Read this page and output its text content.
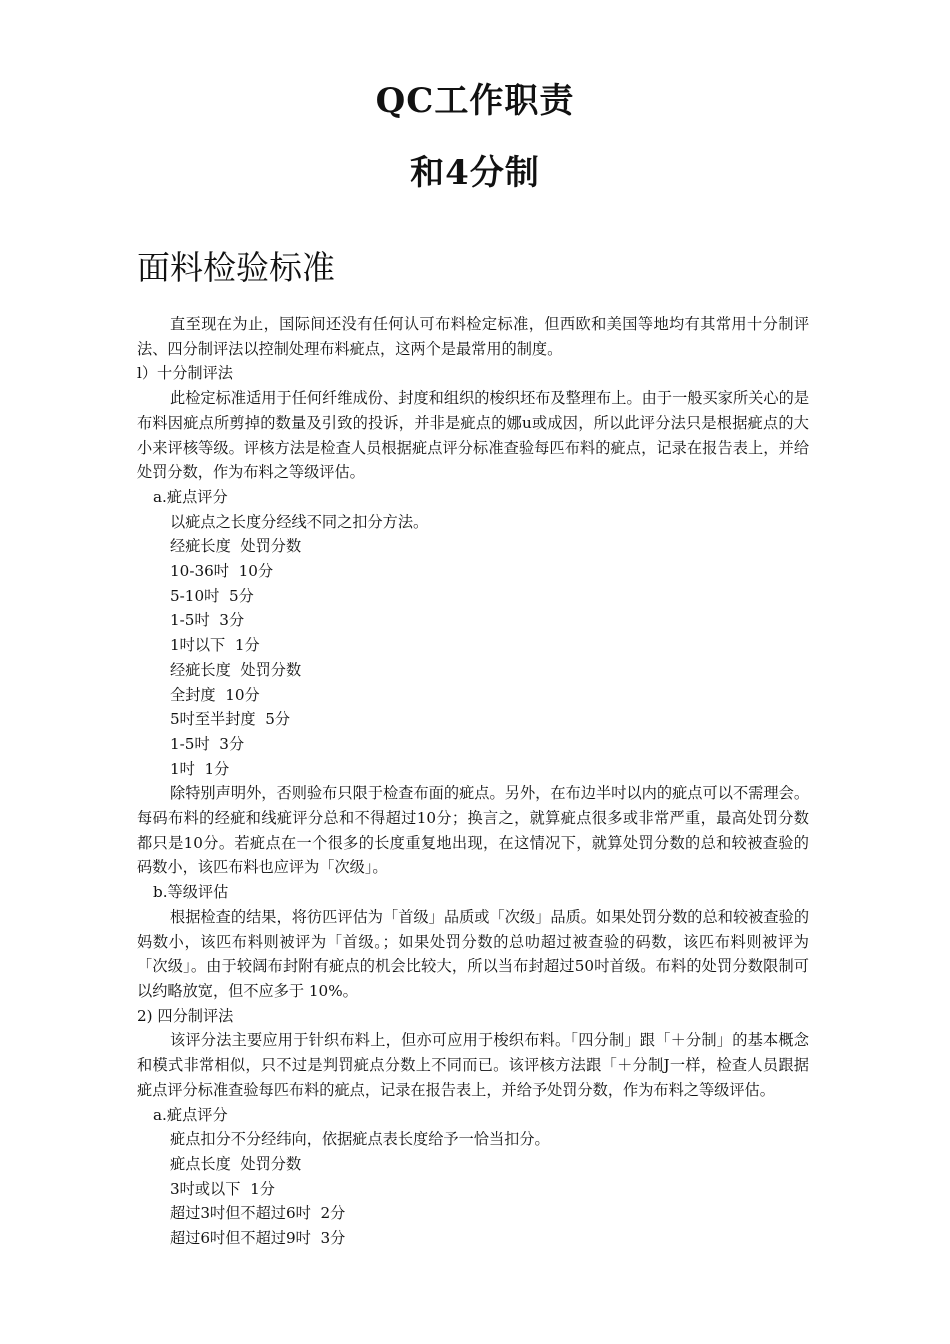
QC工作职责
和4分制
面料检验标准

直至现在为止，国际间还没有任何认可布料检定标准，但西欧和美国等地均有其常用十分制评法、四分制评法以控制处理布料疵点，这两个是最常用的制度。

l）十分制评法

此检定标准适用于任何纤维成份、封度和组织的梭织坯布及整理布上。由于一般买家所关心的是布料因疵点所剪掉的数量及引致的投诉，并非是疵点的娜u或成因，所以此评分法只是根据疵点的大小来评核等级。评核方法是检查人员根据疵点评分标准查验每匹布料的疵点，记录在报告表上，并给处罚分数，作为布料之等级评估。

a.疵点评分

以疵点之长度分经线不同之扣分方法。

经疵长度  处罚分数

10-36吋  10分

5-10吋  5分

1-5吋  3分

1吋以下  1分

经疵长度  处罚分数

全封度  10分

5吋至半封度  5分

1-5吋  3分

1吋  1分

除特别声明外，否则验布只限于检查布面的疵点。另外，在布边半吋以内的疵点可以不需理会。每码布料的经疵和线疵评分总和不得超过10分；换言之，就算疵点很多或非常严重，最高处罚分数都只是10分。若疵点在一个很多的长度重复地出现，在这情况下，就算处罚分数的总和较被查验的码数小，该匹布料也应评为「次级」。

b.等级评估

根据检查的结果，将彷匹评估为「首级」品质或「次级」品质。如果处罚分数的总和较被查验的妈数小，该匹布料则被评为「首级。；如果处罚分数的总叻超过被查验的码数，该匹布料则被评为「次级」。由于较阔布封附有疵点的机会比较大，所以当布封超过50吋首级。布料的处罚分数限制可以约略放宽，但不应多于 10%。

2) 四分制评法

该评分法主要应用于针织布料上，但亦可应用于梭织布料。「四分制」跟「＋分制」的基本概念和模式非常相似，只不过是判罚疵点分数上不同而已。该评核方法跟「＋分制J一样，检查人员跟据疵点评分标准查验每匹布料的疵点，记录在报告表上，并给予处罚分数，作为布料之等级评估。

a.疵点评分

疵点扣分不分经纬向，依据疵点表长度给予一恰当扣分。

疵点长度  处罚分数

3吋或以下  1分

超过3吋但不超过6吋  2分

超过6吋但不超过9吋  3分
